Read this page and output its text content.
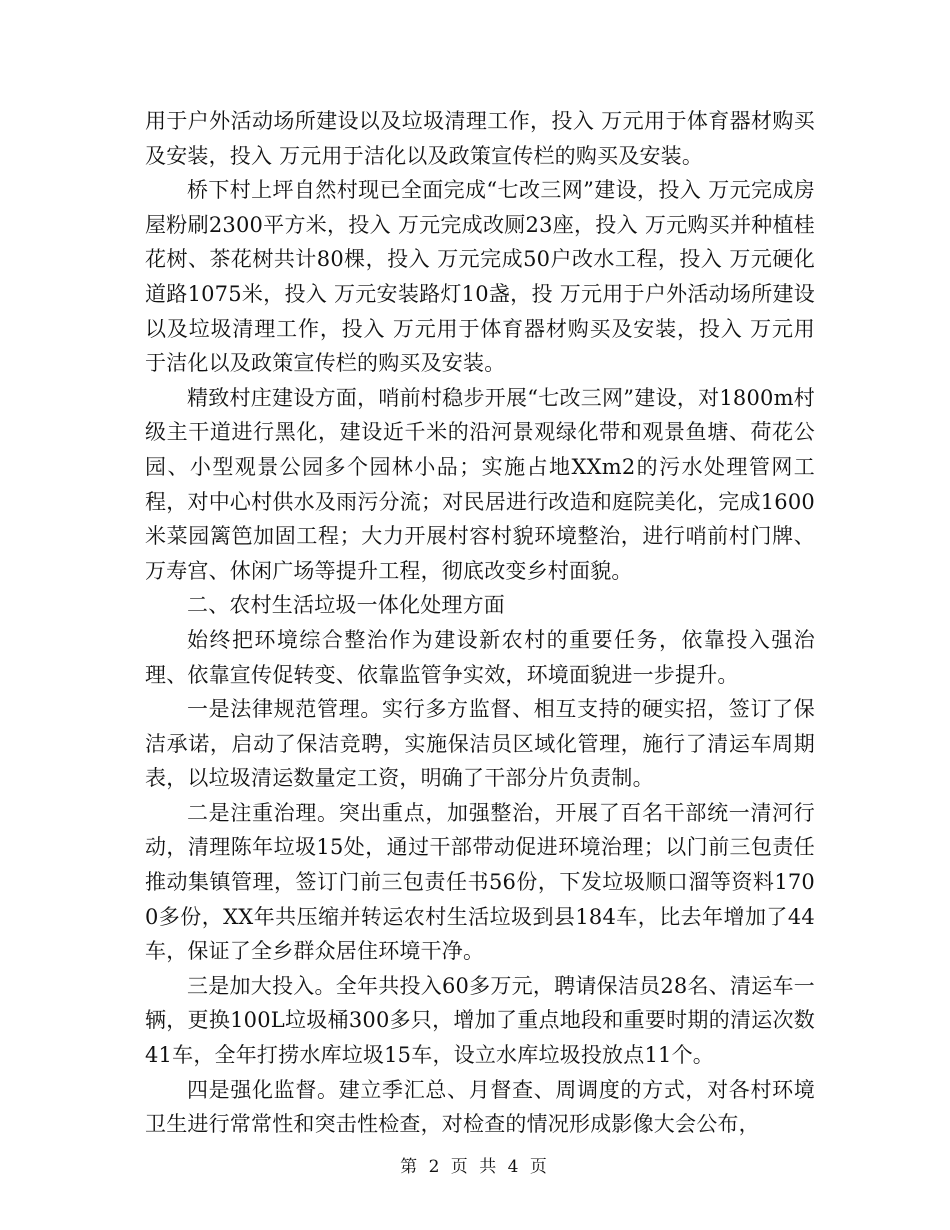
用于户外活动场所建设以及垃圾清理工作，投入 万元用于体育器材购买及安装，投入 万元用于洁化以及政策宣传栏的购买及安装。

桥下村上坪自然村现已全面完成“七改三网”建设，投入 万元完成房屋粉刷2300平方米，投入 万元完成改厕23座，投入 万元购买并种植桂花树、茶花树共计80棵，投入 万元完成50户改水工程，投入 万元硬化道路1075米，投入 万元安装路灯10盏，投 万元用于户外活动场所建设以及垃圾清理工作，投入 万元用于体育器材购买及安装，投入 万元用于洁化以及政策宣传栏的购买及安装。

精致村庄建设方面，哨前村稳步开展“七改三网”建设，对1800m村级主干道进行黑化，建设近千米的沿河景观绿化带和观景鱼塘、荷花公园、小型观景公园多个园林小品；实施占地XXm2的污水处理管网工程，对中心村供水及雨污分流；对民居进行改造和庭院美化，完成1600米菜园篱笆加固工程；大力开展村容村貌环境整治，进行哨前村门牌、万寿宫、休闲广场等提升工程，彻底改变乡村面貌。

二、农村生活垃圾一体化处理方面

始终把环境综合整治作为建设新农村的重要任务，依靠投入强治理、依靠宣传促转变、依靠监管争实效，环境面貌进一步提升。

一是法律规范管理。实行多方监督、相互支持的硬实招，签订了保洁承诺，启动了保洁竞聘，实施保洁员区域化管理，施行了清运车周期表，以垃圾清运数量定工资，明确了干部分片负责制。

二是注重治理。突出重点，加强整治，开展了百名干部统一清河行动，清理陈年垃圾15处，通过干部带动促进环境治理；以门前三包责任推动集镇管理，签订门前三包责任书56份，下发垃圾顺口溜等资料1700多份，XX年共压缩并转运农村生活垃圾到县184车，比去年增加了44车，保证了全乡群众居住环境干净。

三是加大投入。全年共投入60多万元，聘请保洁员28名、清运车一辆，更换100L垃圾桶300多只，增加了重点地段和重要时期的清运次数41车，全年打捞水库垃圾15车，设立水库垃圾投放点11个。

四是强化监督。建立季汇总、月督查、周调度的方式，对各村环境卫生进行常常性和突击性检查，对检查的情况形成影像大会公布，

第 2 页 共 4 页
